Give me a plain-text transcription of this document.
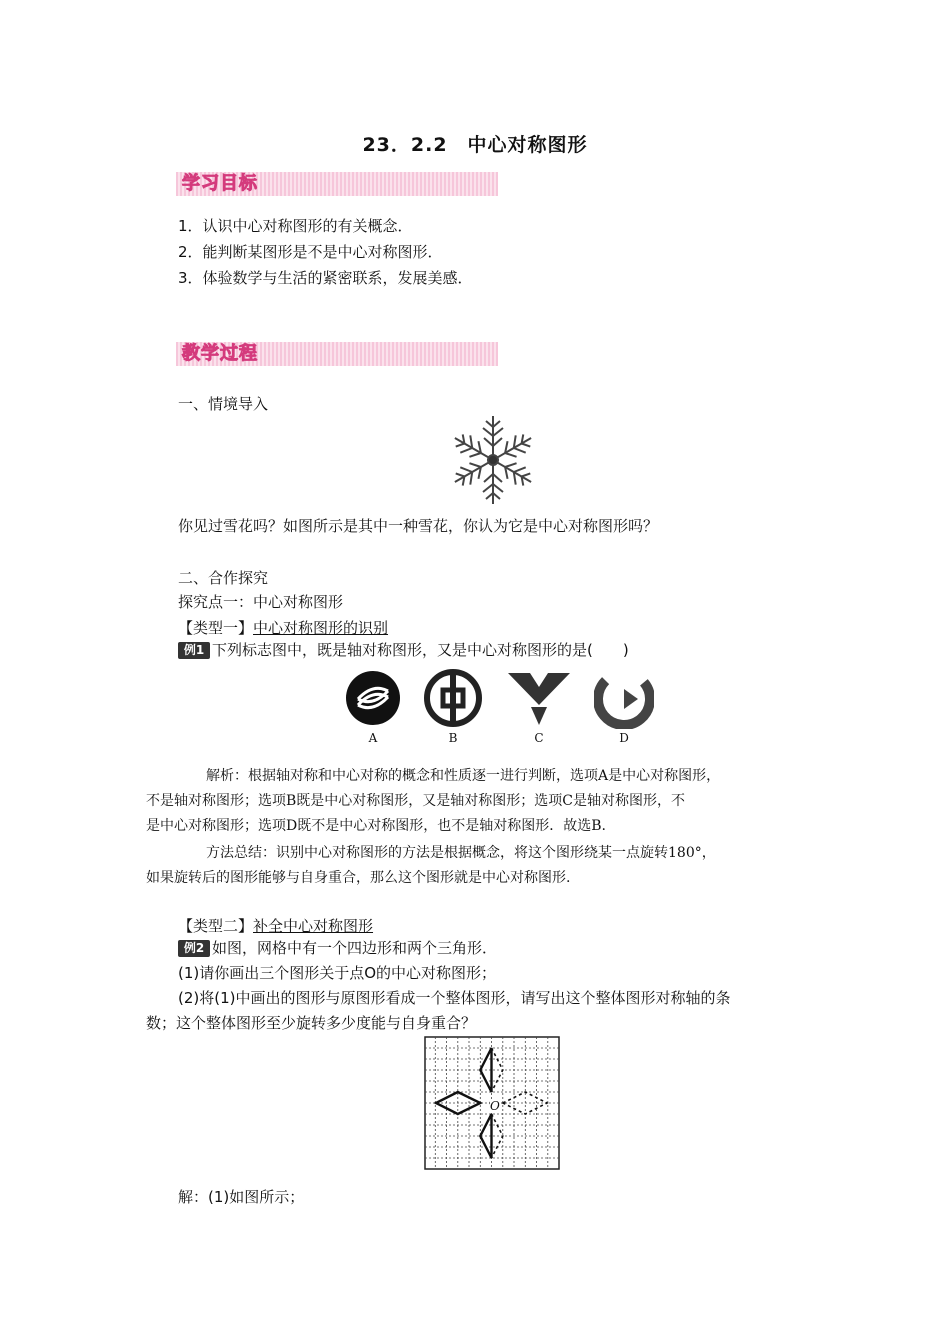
23．2.2　中心对称图形
学习目标
1．认识中心对称图形的有关概念．
2．能判断某图形是不是中心对称图形．
3．体验数学与生活的紧密联系，发展美感．
教学过程
一、情境导入
你见过雪花吗？如图所示是其中一种雪花，你认为它是中心对称图形吗？
二、合作探究
探究点一：中心对称图形
【类型一】中心对称图形的识别
例1 下列标志图中，既是轴对称图形，又是中心对称图形的是(　　)
A	B	C	D
解析：根据轴对称和中心对称的概念和性质逐一进行判断，选项A是中心对称图形，
不是轴对称图形；选项B既是中心对称图形，又是轴对称图形；选项C是轴对称图形，不
是中心对称图形；选项D既不是中心对称图形，也不是轴对称图形．故选B.
方法总结：识别中心对称图形的方法是根据概念，将这个图形绕某一点旋转180°，
如果旋转后的图形能够与自身重合，那么这个图形就是中心对称图形.
【类型二】补全中心对称图形
例2 如图，网格中有一个四边形和两个三角形．
(1)请你画出三个图形关于点O的中心对称图形；
(2)将(1)中画出的图形与原图形看成一个整体图形，请写出这个整体图形对称轴的条
数；这个整体图形至少旋转多少度能与自身重合？
O
解：(1)如图所示；
